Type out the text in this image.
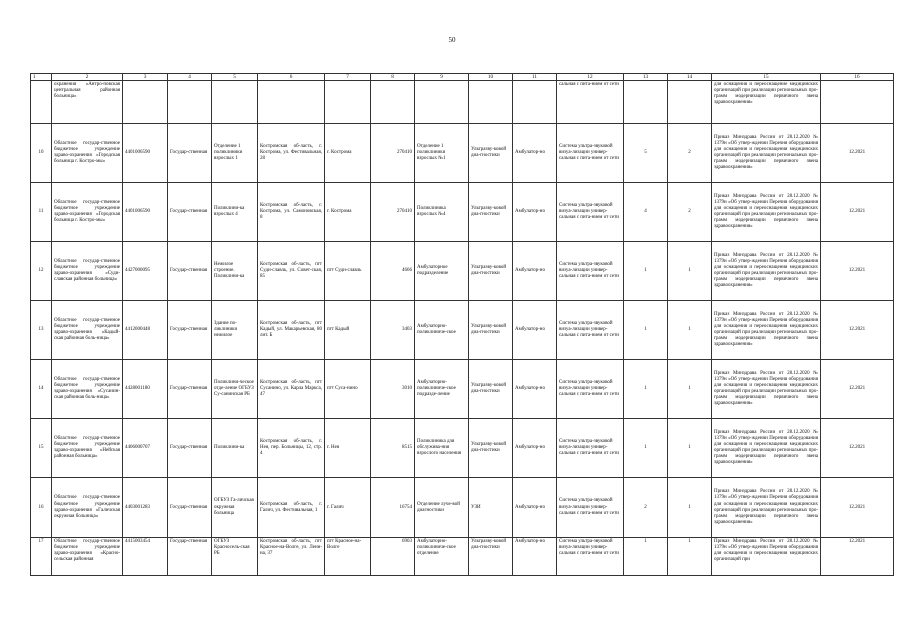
50
1	2	3	4	5	6	7	8	9	10	11	12	13	14	15	16
	охранения «Антро-повская центральная районная больница»										сальная с пита-нием от сети			для оснащения и переоснащение медицинских организаций при реализации региональных про-грамм модернизации первичного звена здравоохранения»	
10	Областное государ-ственное бюджетное учреждение здраво-охранения «Городская больница г. Костро-мы»	4401006590	Государ-ственная	Отделение 1 поликлиники взрослых 1	Костромская об-ласть, г. Кострома, ул. Фестивальная, 28	г. Кострома	270410	Отделение 1 поликлиники взрослых №1	Ультразву-ковой диа-гностики	Амбулатор-но	Система ультра-звуковой визуа-лизации универ-сальная с пита-нием от сети	5	2	Приказ Минздрава России от 28.12.2020 № 1379н «Об утвер-ждении Перечня оборудования для оснащения и переоснащения медицинских организаций при реализации региональных про-грамм модернизации первичного звена здравоохранения»	12.2021
11	Областное государ-ственное бюджетное учреждение здраво-охранения «Городская больница г. Костро-мы»	4401006590	Государ-ственная	Поликлини-ка взрослых 4	Костромская об-ласть, г. Кострома, ул. Самоновская, 8	г. Кострома	270410	Поликлиника взрослых №4	Ультразву-ковой диа-гностики	Амбулатор-но	Система ультра-звуковой визуа-лизации универ-сальная с пита-нием от сети	4	2	Приказ Минздрава России от 28.12.2020 № 1379н «Об утвер-ждении Перечня оборудования для оснащения и переоснащения медицинских организаций при реализации региональных про-грамм модернизации первичного звена здравоохранения»	12.2021
12	Областное государ-ственное бюджетное учреждение здраво-охранения «Суди-славская районная больница»	4427000095	Государ-ственная	Нежилое строение. Поликлини-ка	Костромская об-ласть, пгт Суди-славль, ул. Совет-ская, 85	пгт Суди-славль	4666	Амбулаторное подразделение	Ультразву-ковой диа-гностики	Амбулатор-но	Система ультра-звуковой визуа-лизации универ-сальная с пита-нием от сети	1	1	Приказ Минздрава России от 28.12.2020 № 1379н «Об утвер-ждении Перечня оборудования для оснащения и переоснащения медицинских организаций при реализации региональных про-грамм модернизации первичного звена здравоохранения»	12.2021
13	Областное государ-ственное бюджетное учреждение здраво-охранения «Кадый-ская районная боль-ница»	4412000448	Государ-ственная	Здание по-ликлиники нежилое	Костромская об-ласть, пгт Кадый, ул. Макарьевская, 80 лит. Б	пгт Кадый	3403	Амбулаторно-поликлиниче-ское	Ультразву-ковой диа-гностики	Амбулатор-но	Система ультра-звуковой визуа-лизации универ-сальная с пита-нием от сети	1	1	Приказ Минздрава России от 28.12.2020 № 1379н «Об утвер-ждении Перечня оборудования для оснащения и переоснащения медицинских организаций при реализации региональных про-грамм модернизации первичного звена здравоохранения»	12.2021
14	Областное государ-ственное бюджетное учреждение здраво-охранения «Сусанин-ская районная боль-ница»	4428001180	Государ-ственная	Поликлини-ческое отде-ление ОГБУЗ Су-санинская РБ	Костромская об-ласть, пгт Сусанино, ул. Карла Маркса, 47	пгт Суса-нино	3010	Амбулаторно-поликлиниче-ское подразде-ление	Ультразву-ковой диа-гностики	Амбулатор-но	Система ультра-звуковой визуа-лизации универ-сальная с пита-нием от сети	1	1	Приказ Минздрава России от 28.12.2020 № 1379н «Об утвер-ждении Перечня оборудования для оснащения и переоснащения медицинских организаций при реализации региональных про-грамм модернизации первичного звена здравоохранения»	12.2021
15	Областное государ-ственное бюджетное учреждение здраво-охранения «Нейская районная больница»	4406000707	Государ-ственная	Поликлини-ка	Костромская об-ласть, г. Нея, пер. Больницы, 12, стр. 4	г. Нея	8515	Поликлиника для обслужива-ния взрослого населения	Ультразву-ковой диа-гностики	Амбулатор-но	Система ультра-звуковой визуа-лизации универ-сальная с пита-нием от сети	1	1	Приказ Минздрава России от 28.12.2020 № 1379н «Об утвер-ждении Перечня оборудования для оснащения и переоснащения медицинских организаций при реализации региональных про-грамм модернизации первичного звена здравоохранения»	12.2021
16	Областное государ-ственное бюджетное учреждение здраво-охранения «Галичская окружная больница»	4403001283	Государ-ственная	ОГБУЗ Га-личская окружная больница	Костромская об-ласть, г. Галич, ул. Фестивальная, 1	г. Галич	16754	Отделение луче-вой диагностики	УЗИ	Амбулатор-но	Система ультра-звуковой визуа-лизации универ-сальная с пита-нием от сети	2	1	Приказ Минздрава России от 28.12.2020 № 1379н «Об утвер-ждении Перечня оборудования для оснащения и переоснащения медицинских организаций при реализации региональных про-грамм модернизации первичного звена здравоохранения»	12.2021
17	Областное государ-ственное бюджетное учреждение здраво-охранения «Красно-сельская районная	4415003454	Государ-ственная	ОГБУЗ Красносель-ская РБ	Костромская об-ласть, пгт Красное-на-Волге, ул. Лени-на, 37	пгт Красное-на-Волге	6903	Амбулаторно-поликлиниче-ское отделение	Ультразву-ковой диа-гностики	Амбулатор-но	Система ультра-звуковой визуа-лизации универ-сальная с пита-нием от сети	1	1	Приказ Минздрава России от 28.12.2020 № 1379н «Об утвер-ждении Перечня оборудования для оснащения и переоснащения медицинских организаций при	12.2021
